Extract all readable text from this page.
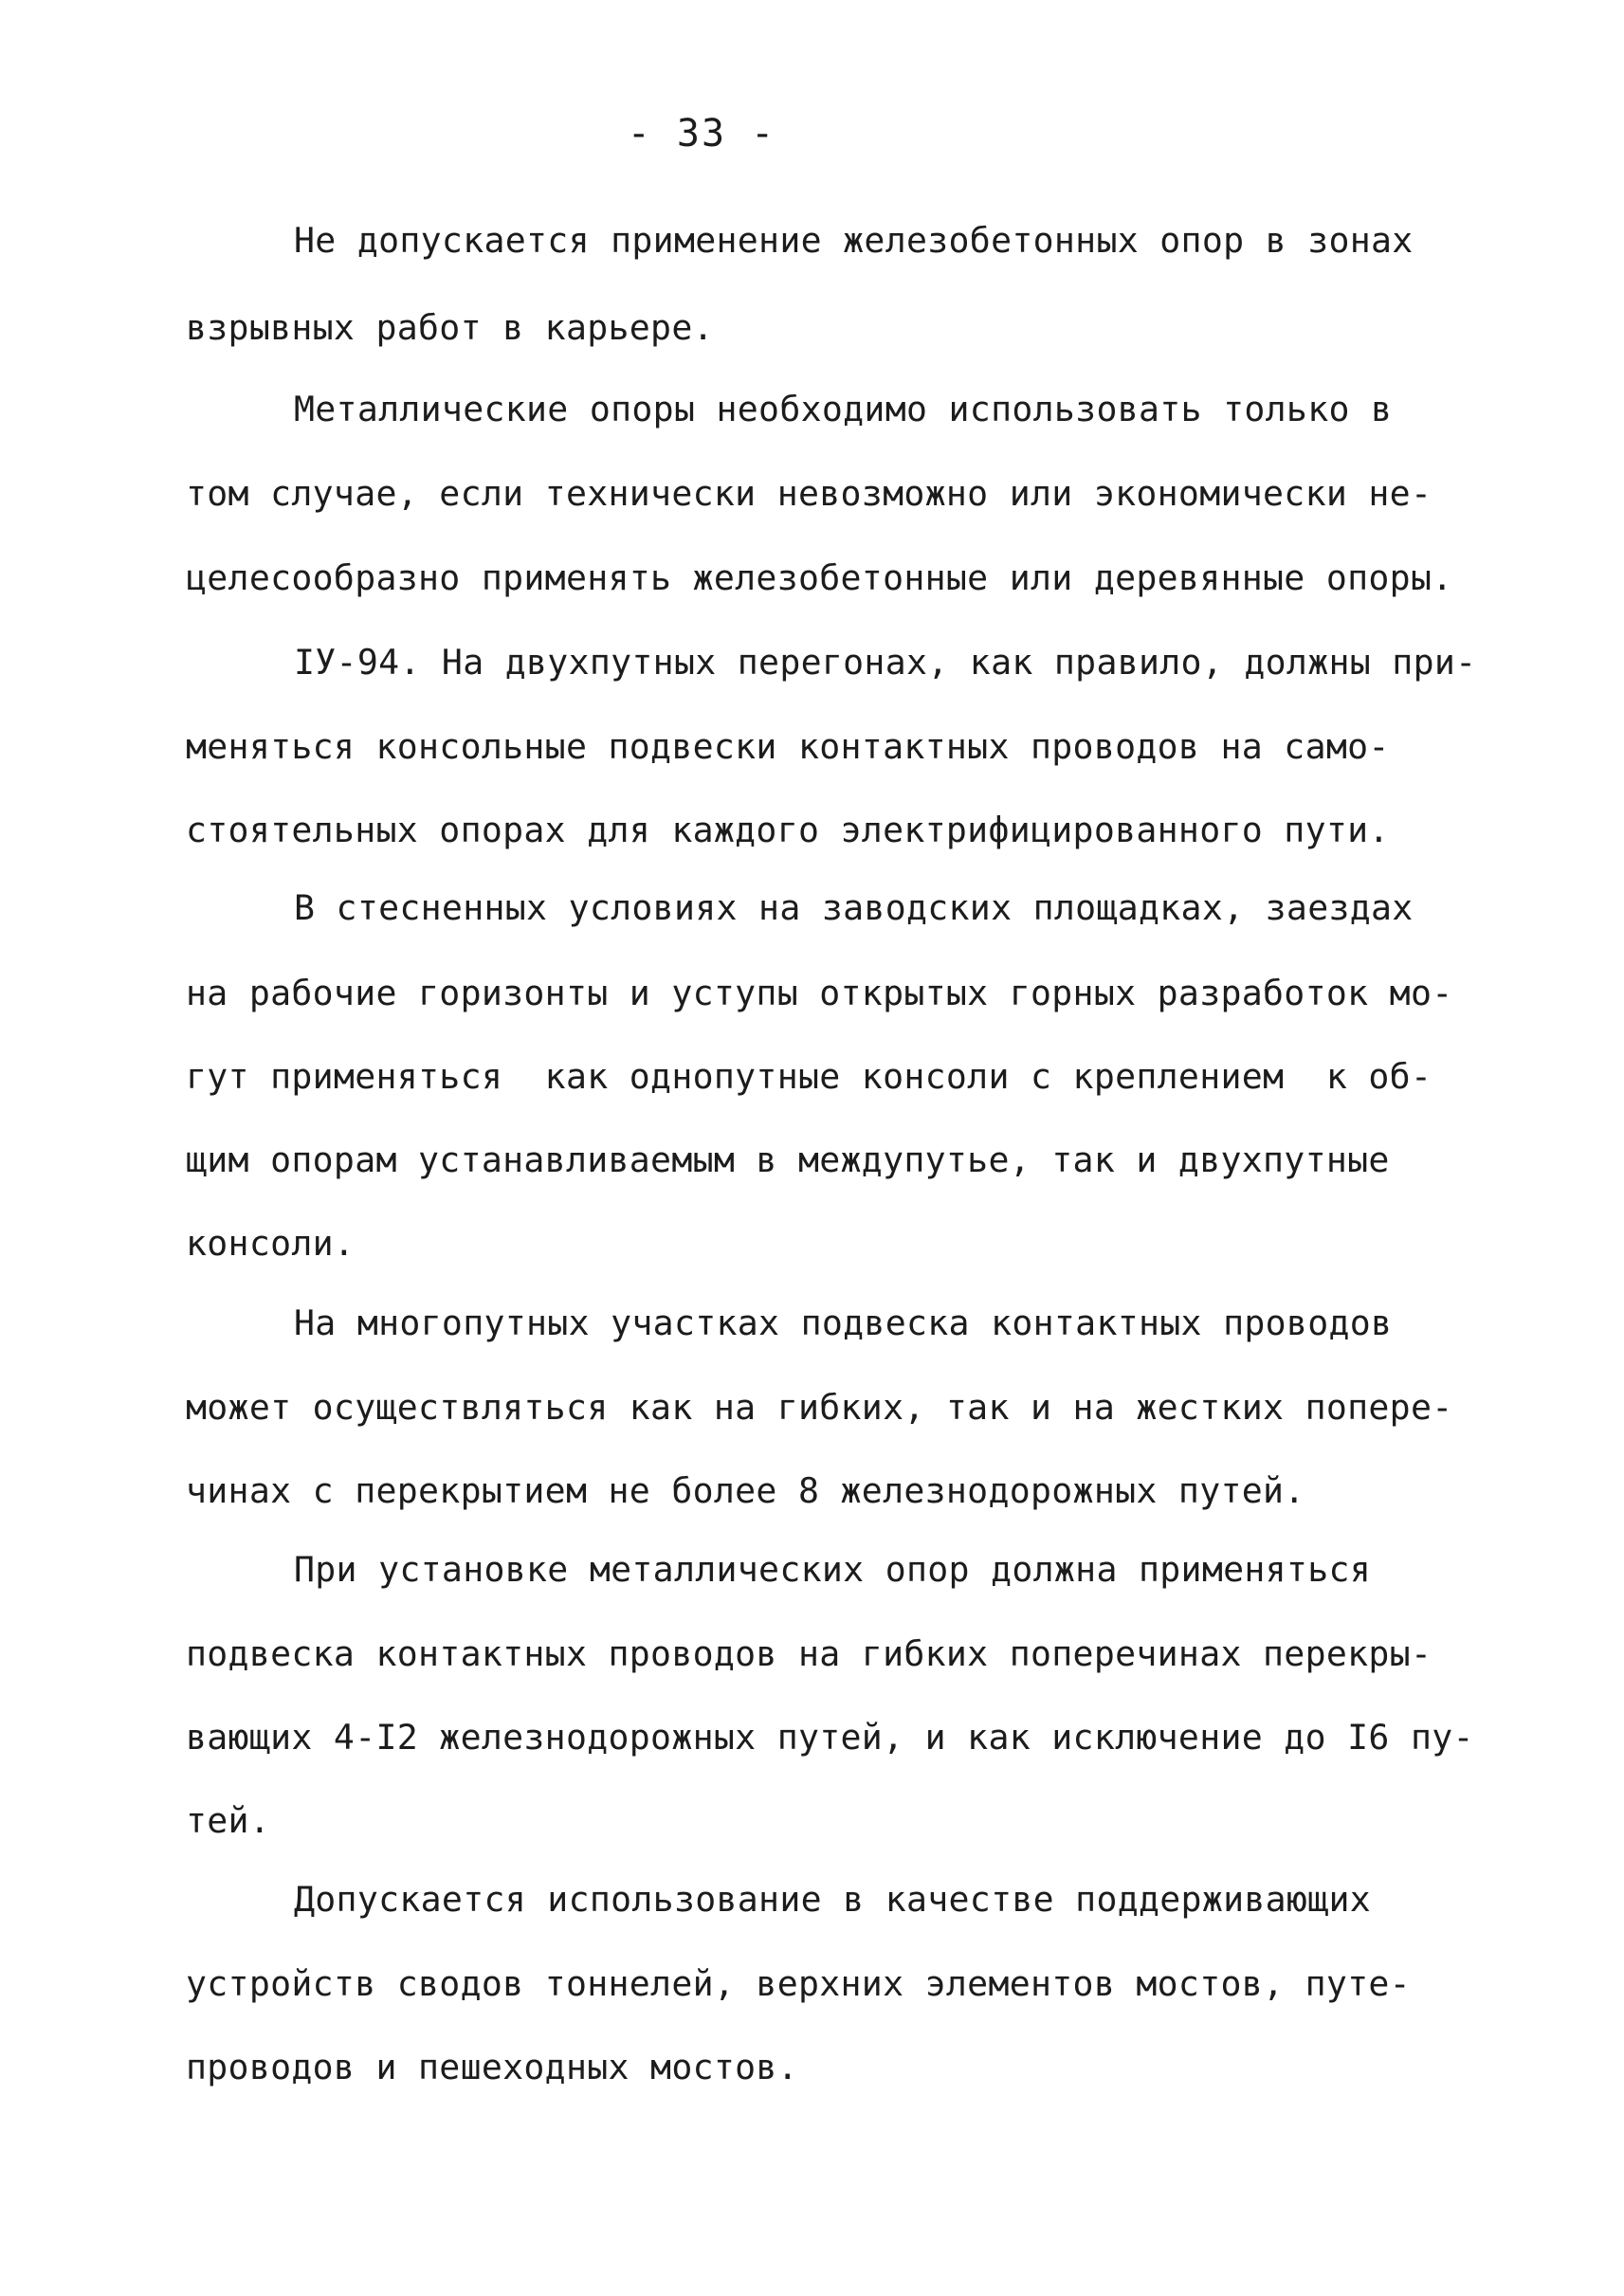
- 33 -
Не допускается применение железобетонных опор в зонах
взрывных работ в карьере.
Металлические опоры необходимо использовать только в
том случае, если технически невозможно или экономически не-
целесообразно применять железобетонные или деревянные опоры.
IУ-94. На двухпутных перегонах, как правило, должны при-
меняться консольные подвески контактных проводов на само-
стоятельных опорах для каждого электрифицированного пути.
В стесненных условиях на заводских площадках, заездах
на рабочие горизонты и уступы открытых горных разработок мо-
гут применяться  как однопутные консоли с креплением  к об-
щим опорам устанавливаемым в междупутье, так и двухпутные
консоли.
На многопутных участках подвеска контактных проводов
может осуществляться как на гибких, так и на жестких попере-
чинах с перекрытием не более 8 железнодорожных путей.
При установке металлических опор должна применяться
подвеска контактных проводов на гибких поперечинах перекры-
вающих 4-I2 железнодорожных путей, и как исключение до I6 пу-
тей.
Допускается использование в качестве поддерживающих
устройств сводов тоннелей, верхних элементов мостов, путе-
проводов и пешеходных мостов.
